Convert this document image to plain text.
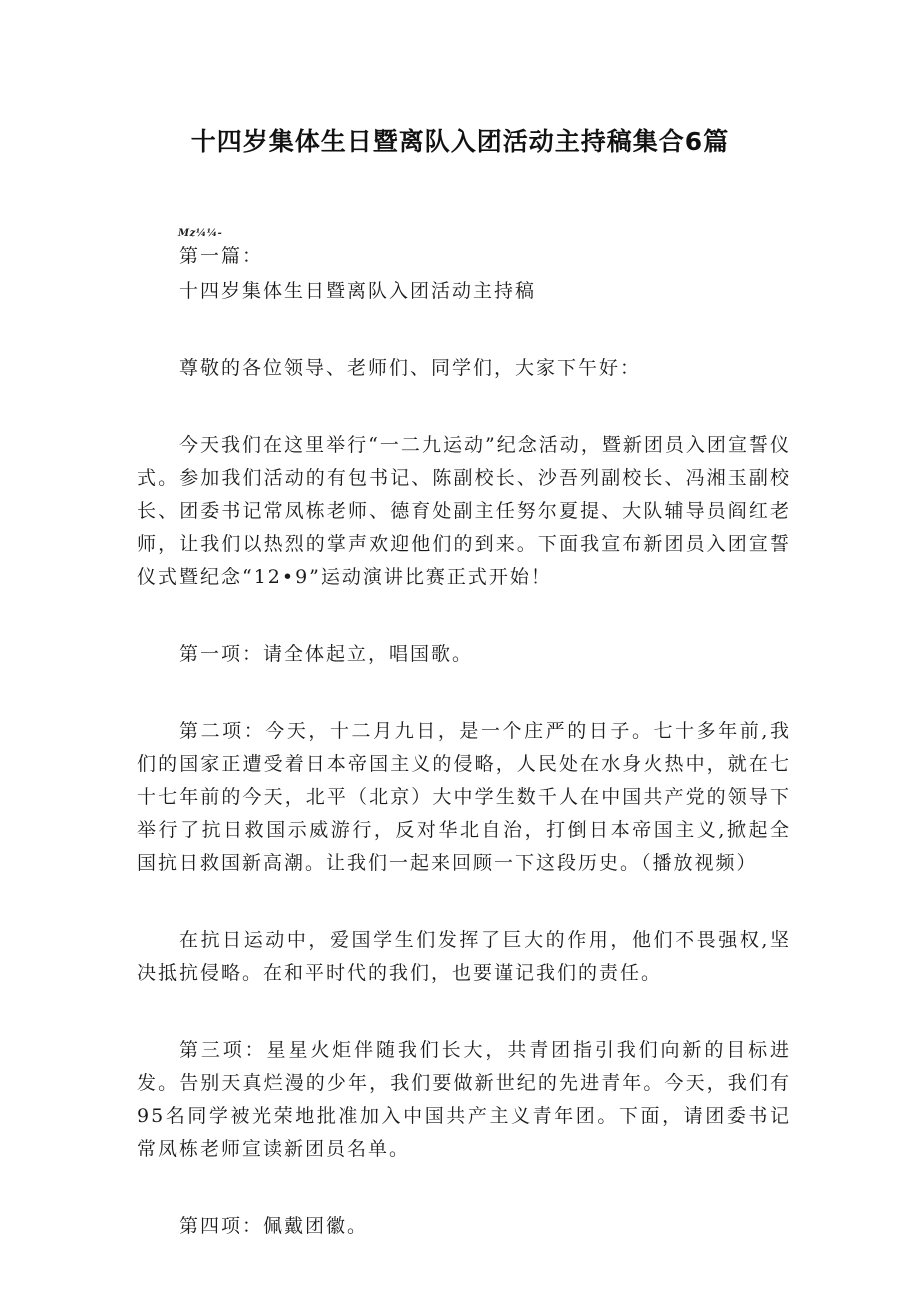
十四岁集体生日暨离队入团活动主持稿集合6篇
Mz¼¼-

第一篇：

十四岁集体生日暨离队入团活动主持稿

尊敬的各位领导、老师们、同学们，大家下午好：

今天我们在这里举行“一二九运动”纪念活动，暨新团员入团宣誓仪式。参加我们活动的有包书记、陈副校长、沙吾列副校长、冯湘玉副校长、团委书记常凤栋老师、德育处副主任努尔夏提、大队辅导员阎红老师，让我们以热烈的掌声欢迎他们的到来。下面我宣布新团员入团宣誓仪式暨纪念“12•9”运动演讲比赛正式开始！

第一项：请全体起立，唱国歌。

第二项：今天，十二月九日，是一个庄严的日子。七十多年前,我们的国家正遭受着日本帝国主义的侵略，人民处在水身火热中，就在七十七年前的今天，北平（北京）大中学生数千人在中国共产党的领导下举行了抗日救国示威游行，反对华北自治，打倒日本帝国主义,掀起全国抗日救国新高潮。让我们一起来回顾一下这段历史。（播放视频）

在抗日运动中，爱国学生们发挥了巨大的作用，他们不畏强权,坚决抵抗侵略。在和平时代的我们，也要谨记我们的责任。

第三项：星星火炬伴随我们长大，共青团指引我们向新的目标进发。告别天真烂漫的少年，我们要做新世纪的先进青年。今天，我们有95名同学被光荣地批准加入中国共产主义青年团。下面，请团委书记常凤栋老师宣读新团员名单。

第四项：佩戴团徽。
